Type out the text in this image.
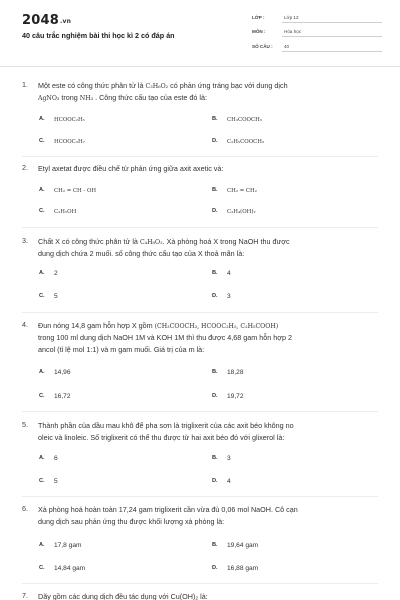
2048.vn
40 câu trắc nghiệm bài thi học kì 2 có đáp án
LỚP :	Lớp 12
MÔN :	Hóa học
SỐ CÂU : 40
1. Một este có công thức phân tử là C₃H₆O₂ có phản ứng tráng bạc với dung dịch
AgNO₃ trong NH₃ . Công thức cấu tạo của este đó là:
A. HCOOC₂H₅	B. CH₃COOCH₃
C. HCOOC₃H₇	D. C₂H₅COOCH₃
2. Etyl axetat được điều chế từ phản ứng giữa axit axetic và:
A. CH₂ = CH - OH	B. CH₂ = CH₂
C. C₂H₅OH	D. C₂H₄(OH)₂
3. Chất X có công thức phân tử là C₄H₈O₂. Xà phòng hoá X trong NaOH thu được
dung dịch chứa 2 muối. số công thức cấu tạo của X thoả mãn là:
A. 2	B. 4
C. 5	D. 3
4. Đun nóng 14,8 gam hỗn hợp X gồm (CH₃COOCH₃, HCOOC₂H₅, C₂H₅COOH)
trong 100 ml dung dịch NaOH 1M và KOH 1M thì thu được 4,68 gam hỗn hợp 2
ancol (tỉ lệ mol 1:1) và m gam muối. Giá trị của m là:
A. 14,96	B. 18,28
C. 16,72	D. 19,72
5. Thành phần của dầu mau khô để pha sơn là triglixerit của các axit béo không no
oleic và linoleic. Số triglixerit có thể thu được từ hai axit béo đó với glixerol là:
A. 6	B. 3
C. 5	D. 4
6. Xà phòng hoá hoàn toàn 17,24 gam triglixerit cần vừa đủ 0,06 mol NaOH. Cô cạn
dung dịch sau phản ứng thu được khối lượng xà phòng là:
A. 17,8 gam	B. 19,64 gam
C. 14,84 gam	D. 16,88 gam
7. Dãy gồm các dung dịch đều tác dụng với Cu(OH)₂ là:
